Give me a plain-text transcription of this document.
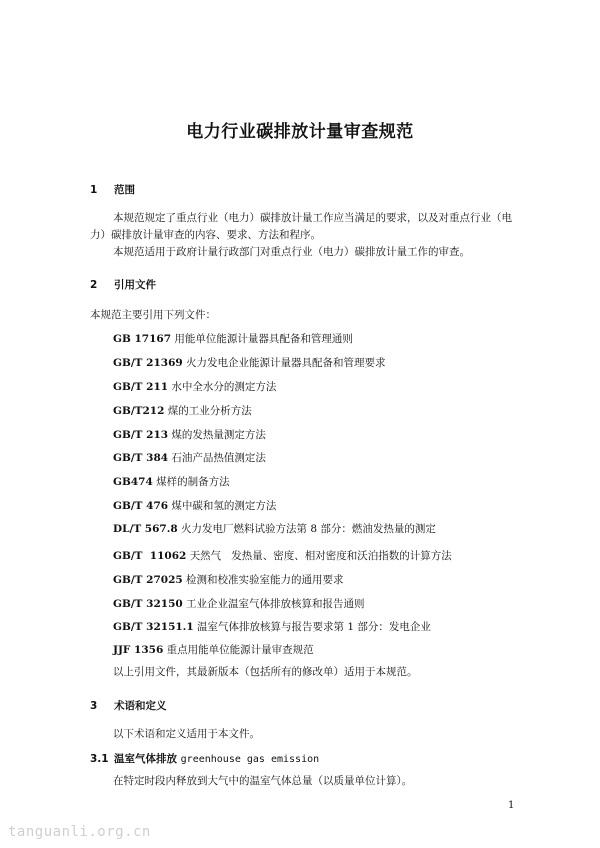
电力行业碳排放计量审查规范
1 范围
本规范规定了重点行业（电力）碳排放计量工作应当满足的要求，以及对重点行业（电
力）碳排放计量审查的内容、要求、方法和程序。
本规范适用于政府计量行政部门对重点行业（电力）碳排放计量工作的审查。
2 引用文件
本规范主要引用下列文件：
GB 17167 用能单位能源计量器具配备和管理通则
GB/T 21369 火力发电企业能源计量器具配备和管理要求
GB/T 211 水中全水分的测定方法
GB/T212 煤的工业分析方法
GB/T 213 煤的发热量测定方法
GB/T 384 石油产品热值测定法
GB474 煤样的制备方法
GB/T 476 煤中碳和氢的测定方法
DL/T 567.8 火力发电厂燃料试验方法第 8 部分：燃油发热量的测定
GB/T  11062 天然气   发热量、密度、相对密度和沃泊指数的计算方法
GB/T 27025 检测和校准实验室能力的通用要求
GB/T 32150 工业企业温室气体排放核算和报告通则
GB/T 32151.1 温室气体排放核算与报告要求第 1 部分：发电企业
JJF 1356 重点用能单位能源计量审查规范
以上引用文件，其最新版本（包括所有的修改单）适用于本规范。
3 术语和定义
以下术语和定义适用于本文件。
3.1 温室气体排放 greenhouse gas emission
在特定时段内释放到大气中的温室气体总量（以质量单位计算）。
1
tanguanli.org.cn
